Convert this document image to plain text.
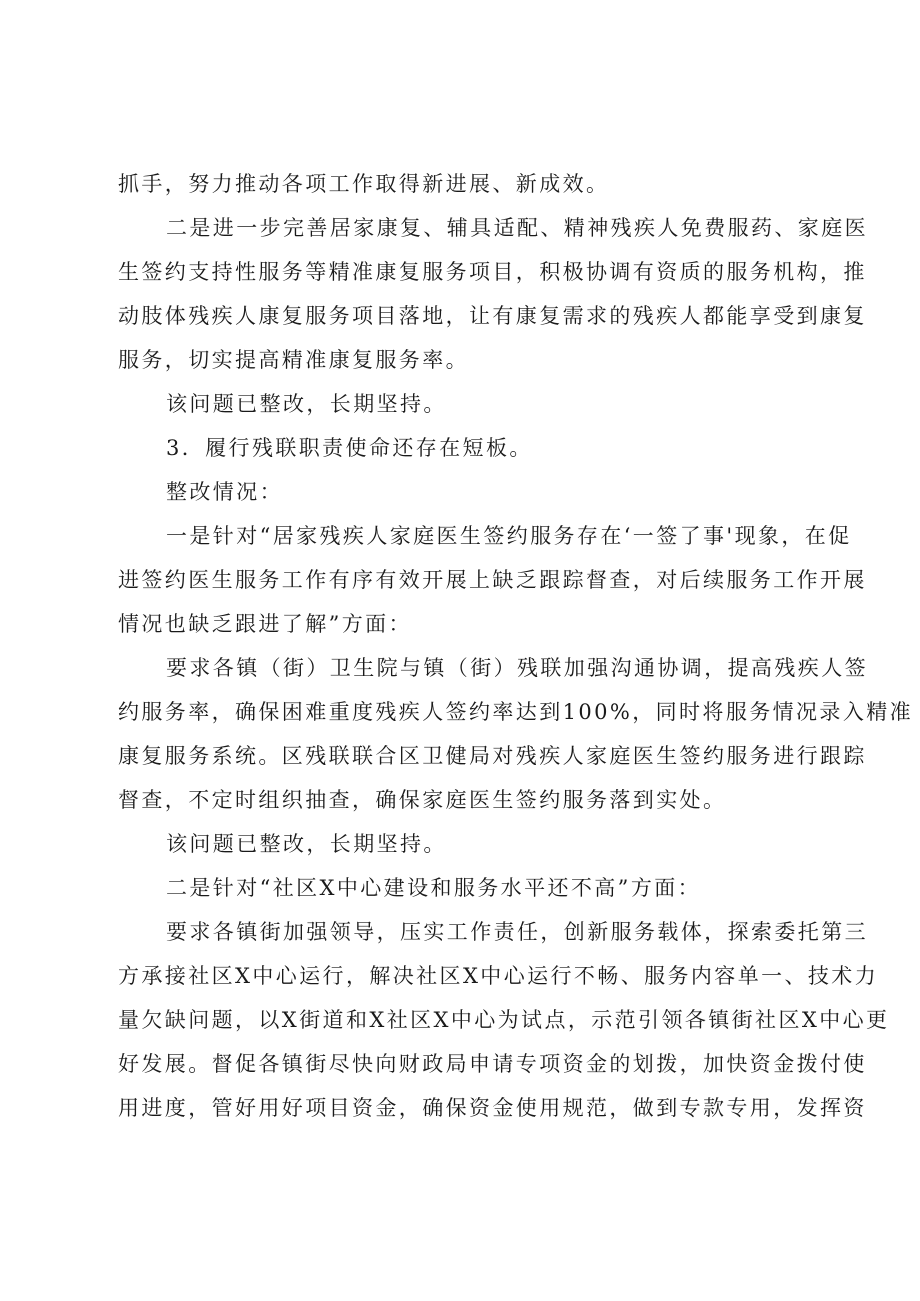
抓手，努力推动各项工作取得新进展、新成效。
二是进一步完善居家康复、辅具适配、精神残疾人免费服药、家庭医
生签约支持性服务等精准康复服务项目，积极协调有资质的服务机构，推
动肢体残疾人康复服务项目落地，让有康复需求的残疾人都能享受到康复
服务，切实提高精准康复服务率。
该问题已整改，长期坚持。
3．履行残联职责使命还存在短板。
整改情况：
一是针对“居家残疾人家庭医生签约服务存在‘一签了事'现象，在促
进签约医生服务工作有序有效开展上缺乏跟踪督查，对后续服务工作开展
情况也缺乏跟进了解”方面：
要求各镇（街）卫生院与镇（街）残联加强沟通协调，提高残疾人签
约服务率，确保困难重度残疾人签约率达到100%，同时将服务情况录入精准
康复服务系统。区残联联合区卫健局对残疾人家庭医生签约服务进行跟踪
督查，不定时组织抽查，确保家庭医生签约服务落到实处。
该问题已整改，长期坚持。
二是针对“社区X中心建设和服务水平还不高”方面：
要求各镇街加强领导，压实工作责任，创新服务载体，探索委托第三
方承接社区X中心运行，解决社区X中心运行不畅、服务内容单一、技术力
量欠缺问题，以X街道和X社区X中心为试点，示范引领各镇街社区X中心更
好发展。督促各镇街尽快向财政局申请专项资金的划拨，加快资金拨付使
用进度，管好用好项目资金，确保资金使用规范，做到专款专用，发挥资
